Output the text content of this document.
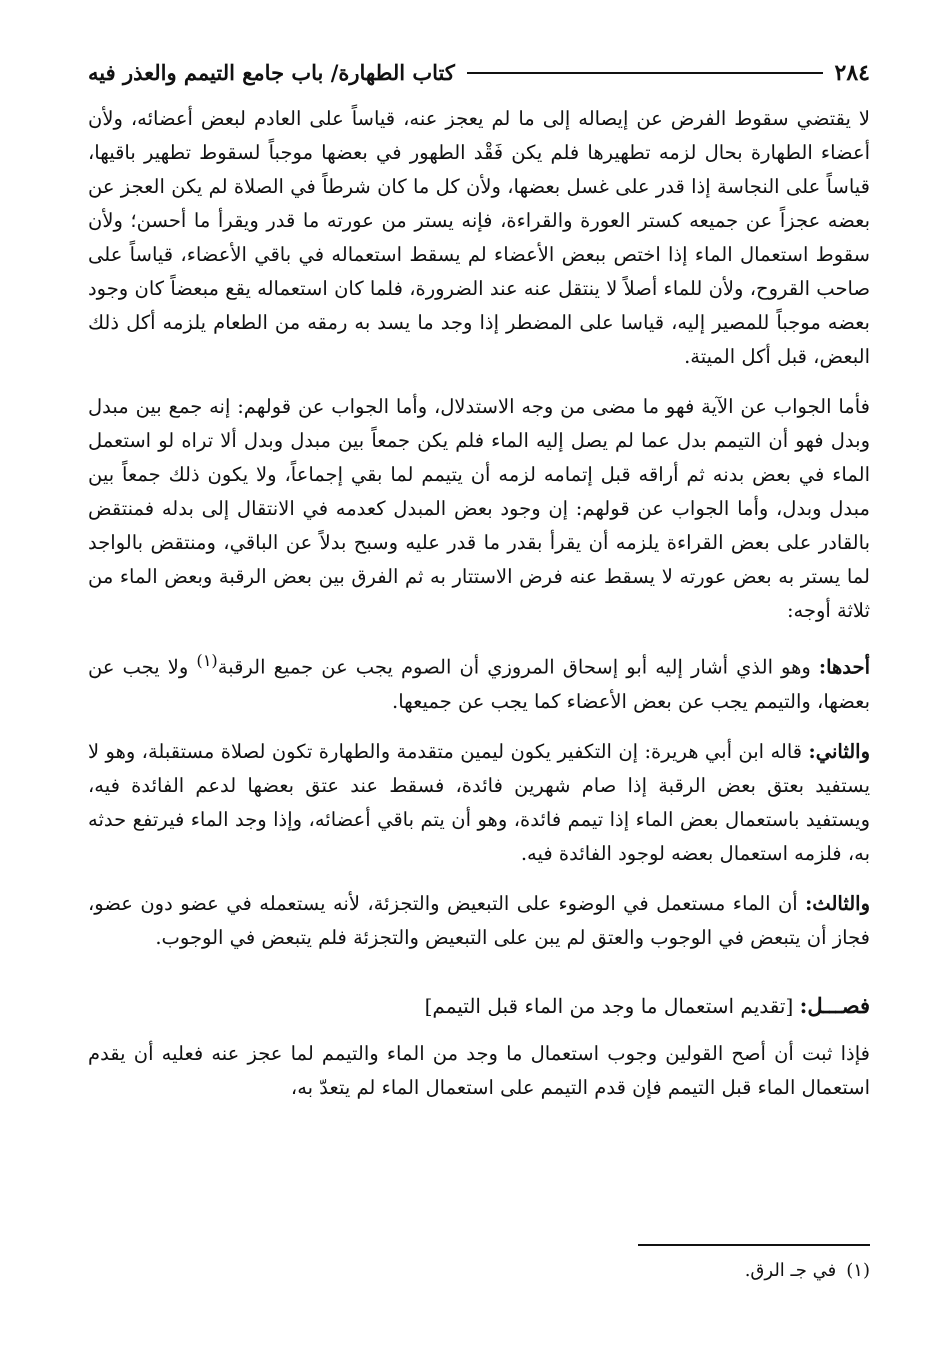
٢٨٤
كتاب الطهارة/ باب جامع التيمم والعذر فيه

لا يقتضي سقوط الفرض عن إيصاله إلى ما لم يعجز عنه، قياساً على العادم لبعض أعضائه، ولأن أعضاء الطهارة بحال لزمه تطهيرها فلم يكن فَقْد الطهور في بعضها موجباً لسقوط تطهير باقيها، قياساً على النجاسة إذا قدر على غسل بعضها، ولأن كل ما كان شرطاً في الصلاة لم يكن العجز عن بعضه عجزاً عن جميعه كستر العورة والقراءة، فإنه يستر من عورته ما قدر ويقرأ ما أحسن؛ ولأن سقوط استعمال الماء إذا اختص ببعض الأعضاء لم يسقط استعماله في باقي الأعضاء، قياساً على صاحب القروح، ولأن للماء أصلاً لا ينتقل عنه عند الضرورة، فلما كان استعماله يقع مبعضاً كان وجود بعضه موجباً للمصير إليه، قياسا على المضطر إذا وجد ما يسد به رمقه من الطعام يلزمه أكل ذلك البعض، قبل أكل الميتة.

فأما الجواب عن الآية فهو ما مضى من وجه الاستدلال، وأما الجواب عن قولهم: إنه جمع بين مبدل وبدل فهو أن التيمم بدل عما لم يصل إليه الماء فلم يكن جمعاً بين مبدل وبدل ألا تراه لو استعمل الماء في بعض بدنه ثم أراقه قبل إتمامه لزمه أن يتيمم لما بقي إجماعاً، ولا يكون ذلك جمعاً بين مبدل وبدل، وأما الجواب عن قولهم: إن وجود بعض المبدل كعدمه في الانتقال إلى بدله فمنتقض بالقادر على بعض القراءة يلزمه أن يقرأ بقدر ما قدر عليه وسبح بدلاً عن الباقي، ومنتقض بالواجد لما يستر به بعض عورته لا يسقط عنه فرض الاستتار به ثم الفرق بين بعض الرقبة وبعض الماء من ثلاثة أوجه:

أحدها: وهو الذي أشار إليه أبو إسحاق المروزي أن الصوم يجب عن جميع الرقبة$^{(١)}$ ولا يجب عن بعضها، والتيمم يجب عن بعض الأعضاء كما يجب عن جميعها.

والثاني: قاله ابن أبي هريرة: إن التكفير يكون ليمين متقدمة والطهارة تكون لصلاة مستقبلة، وهو لا يستفيد بعتق بعض الرقبة إذا صام شهرين فائدة، فسقط عند عتق بعضها لدعم الفائدة فيه، ويستفيد باستعمال بعض الماء إذا تيمم فائدة، وهو أن يتم باقي أعضائه، وإذا وجد الماء فيرتفع حدثه به، فلزمه استعمال بعضه لوجود الفائدة فيه.

والثالث: أن الماء مستعمل في الوضوء على التبعيض والتجزئة، لأنه يستعمله في عضو دون عضو، فجاز أن يتبعض في الوجوب والعتق لم يبن على التبعيض والتجزئة فلم يتبعض في الوجوب.

فصـــل: [تقديم استعمال ما وجد من الماء قبل التيمم]

فإذا ثبت أن أصح القولين وجوب استعمال ما وجد من الماء والتيمم لما عجز عنه فعليه أن يقدم استعمال الماء قبل التيمم فإن قدم التيمم على استعمال الماء لم يتعدّ به،

(١)في جـ الرق.
